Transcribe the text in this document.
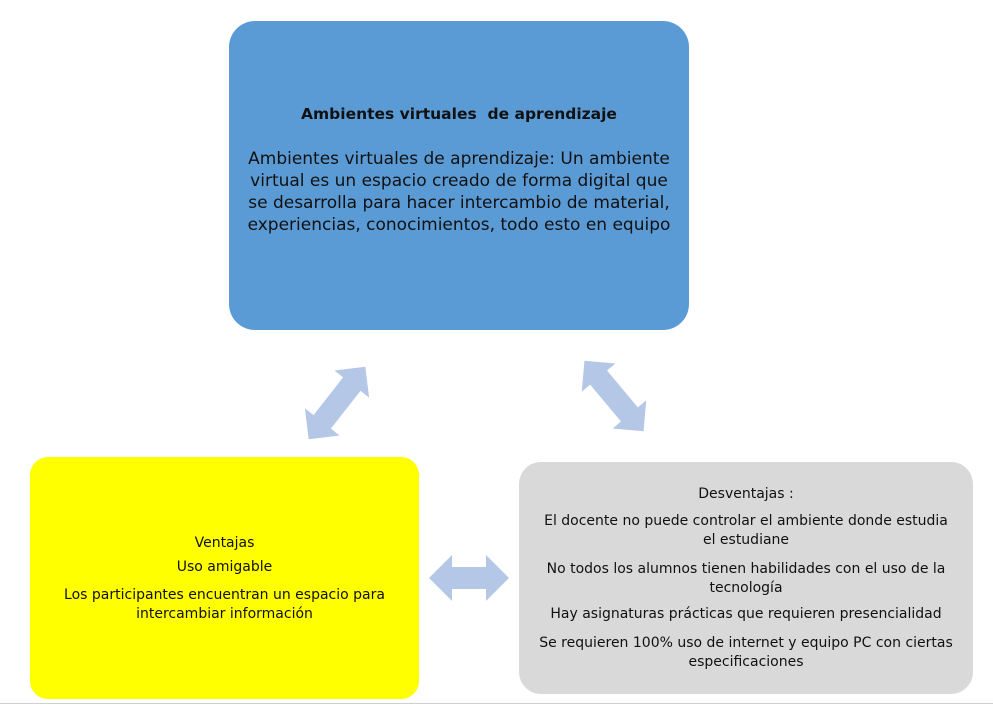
Ambientes virtuales  de aprendizaje
Ambientes virtuales de aprendizaje: Un ambiente
virtual es un espacio creado de forma digital que
se desarrolla para hacer intercambio de material,
experiencias, conocimientos, todo esto en equipo
Ventajas
Uso amigable
Los participantes encuentran un espacio para
intercambiar información
Desventajas :
El docente no puede controlar el ambiente donde estudia
el estudiane
No todos los alumnos tienen habilidades con el uso de la
tecnología
Hay asignaturas prácticas que requieren presencialidad
Se requieren 100% uso de internet y equipo PC con ciertas
especificaciones
